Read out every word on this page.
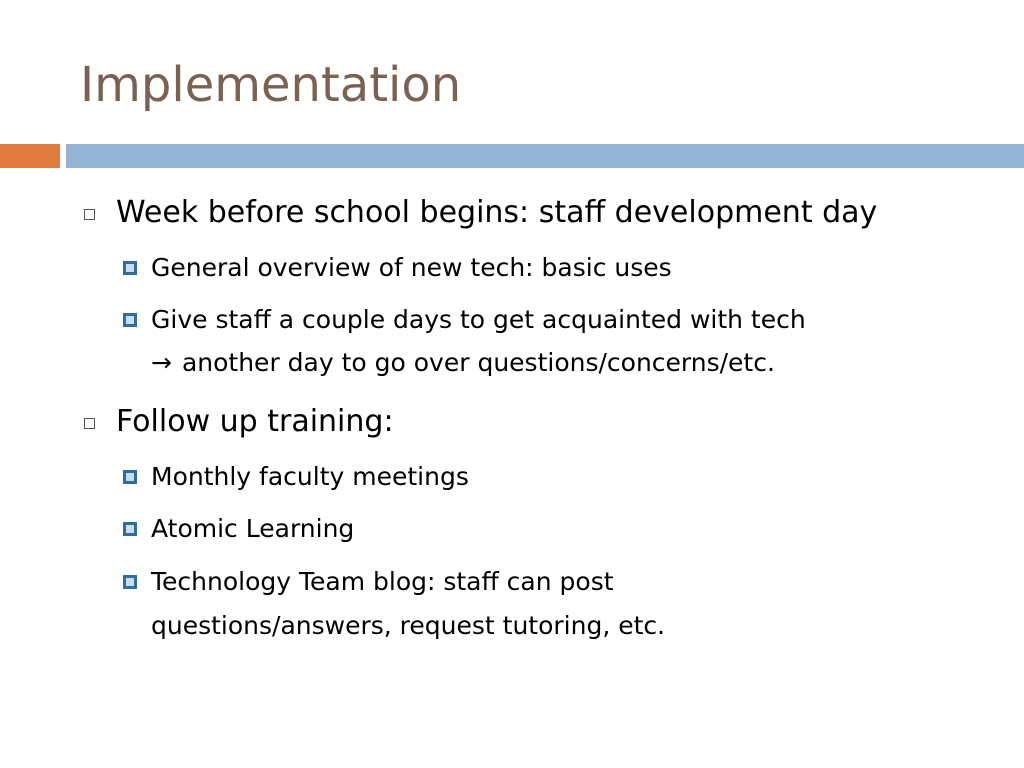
Implementation
Week before school begins: staff development day
General overview of new tech: basic uses
Give staff a couple days to get acquainted with tech
→ another day to go over questions/concerns/etc.
Follow up training:
Monthly faculty meetings
Atomic Learning
Technology Team blog: staff can post
questions/answers, request tutoring, etc.
